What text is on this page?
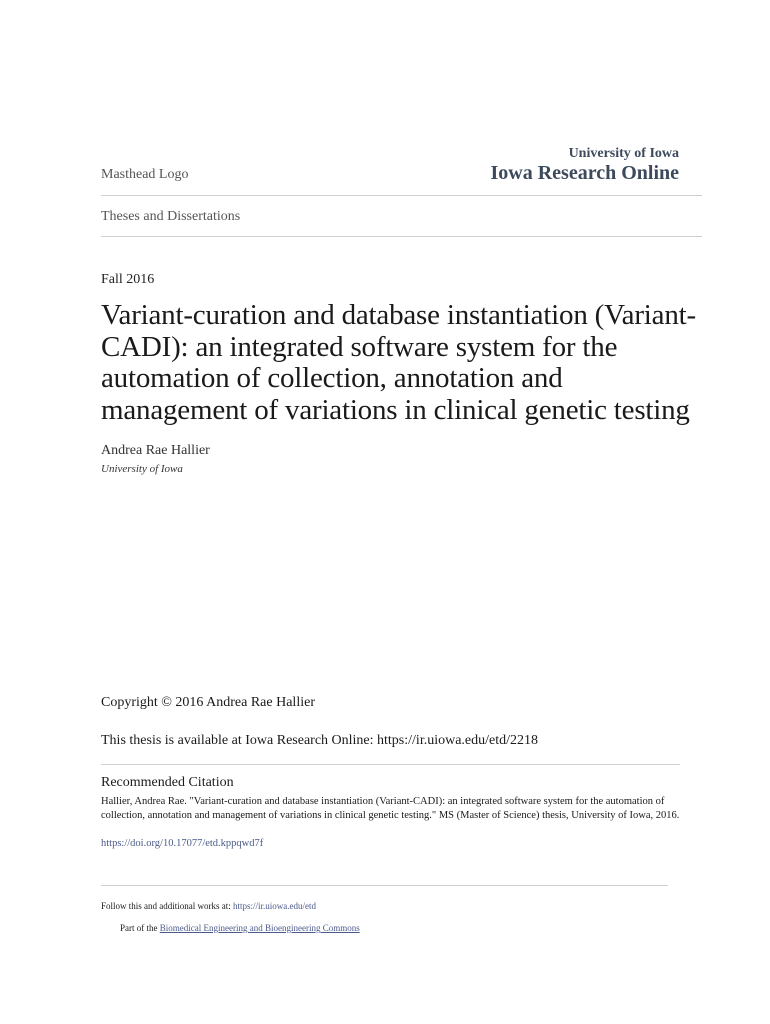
Masthead Logo
University of Iowa
Iowa Research Online
Theses and Dissertations
Fall 2016
Variant-curation and database instantiation (Variant-CADI): an integrated software system for the automation of collection, annotation and management of variations in clinical genetic testing
Andrea Rae Hallier
University of Iowa
Copyright © 2016 Andrea Rae Hallier
This thesis is available at Iowa Research Online: https://ir.uiowa.edu/etd/2218
Recommended Citation
Hallier, Andrea Rae. "Variant-curation and database instantiation (Variant-CADI): an integrated software system for the automation of collection, annotation and management of variations in clinical genetic testing." MS (Master of Science) thesis, University of Iowa, 2016.
https://doi.org/10.17077/etd.kppqwd7f
Follow this and additional works at: https://ir.uiowa.edu/etd
Part of the Biomedical Engineering and Bioengineering Commons
